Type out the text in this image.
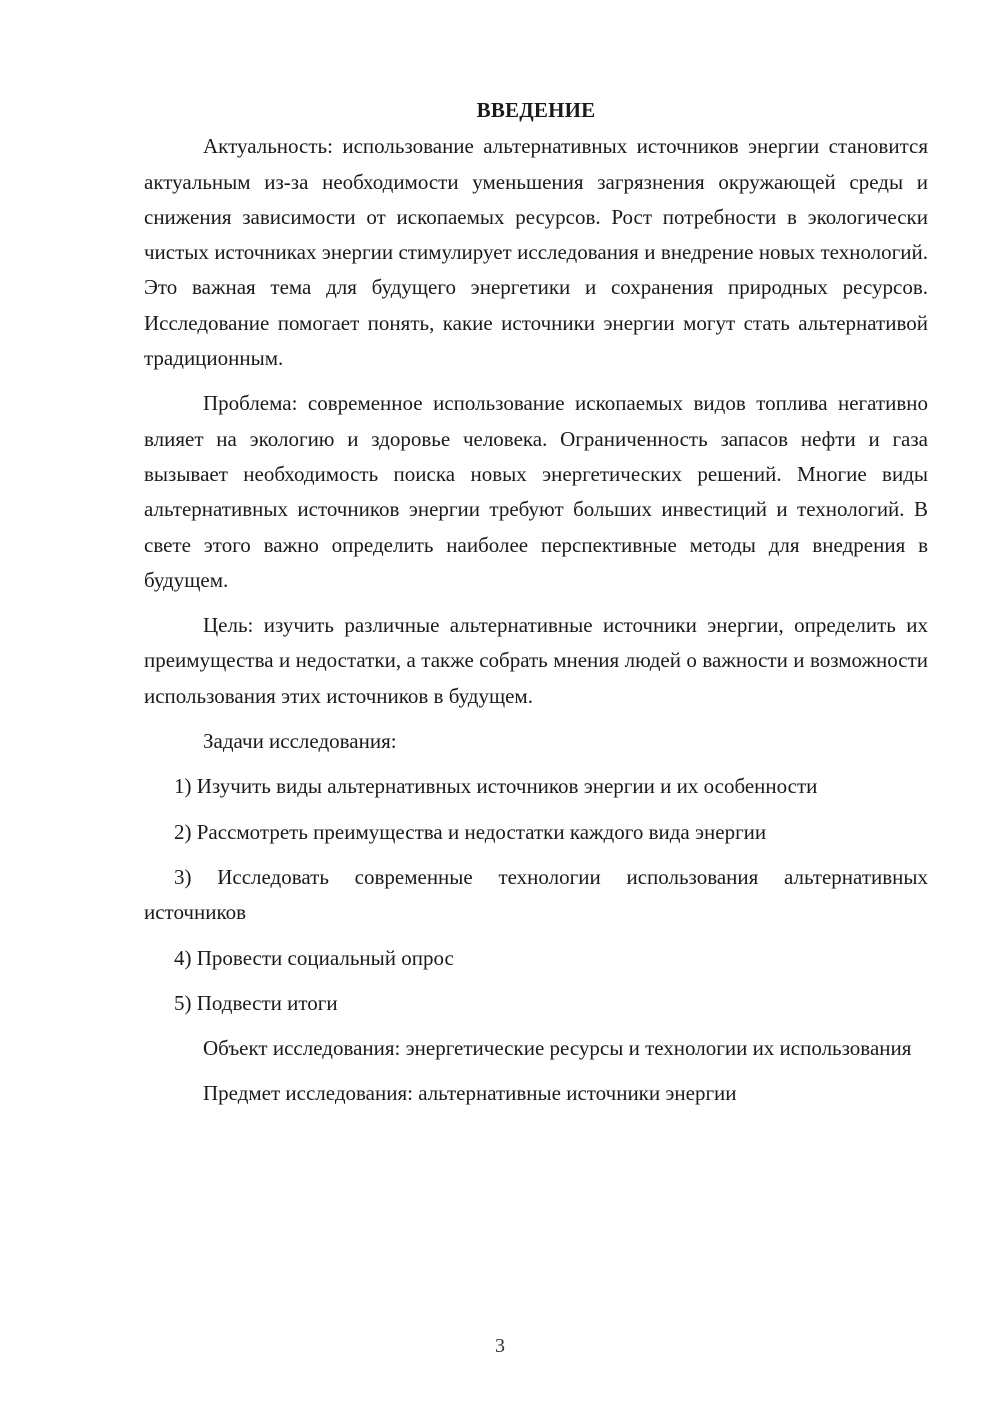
ВВЕДЕНИЕ

Актуальность: использование альтернативных источников энергии становится актуальным из-за необходимости уменьшения загрязнения окружающей среды и снижения зависимости от ископаемых ресурсов. Рост потребности в экологически чистых источниках энергии стимулирует исследования и внедрение новых технологий. Это важная тема для будущего энергетики и сохранения природных ресурсов. Исследование помогает понять, какие источники энергии могут стать альтернативой традиционным.

Проблема: современное использование ископаемых видов топлива негативно влияет на экологию и здоровье человека. Ограниченность запасов нефти и газа вызывает необходимость поиска новых энергетических решений. Многие виды альтернативных источников энергии требуют больших инвестиций и технологий. В свете этого важно определить наиболее перспективные методы для внедрения в будущем.

Цель: изучить различные альтернативные источники энергии, определить их преимущества и недостатки, а также собрать мнения людей о важности и возможности использования этих источников в будущем.

Задачи исследования:

1) Изучить виды альтернативных источников энергии и их особенности

2) Рассмотреть преимущества и недостатки каждого вида энергии

3) Исследовать современные технологии использования альтернативных источников

4) Провести социальный опрос

5) Подвести итоги

Объект исследования: энергетические ресурсы и технологии их использования

Предмет исследования: альтернативные источники энергии

3
